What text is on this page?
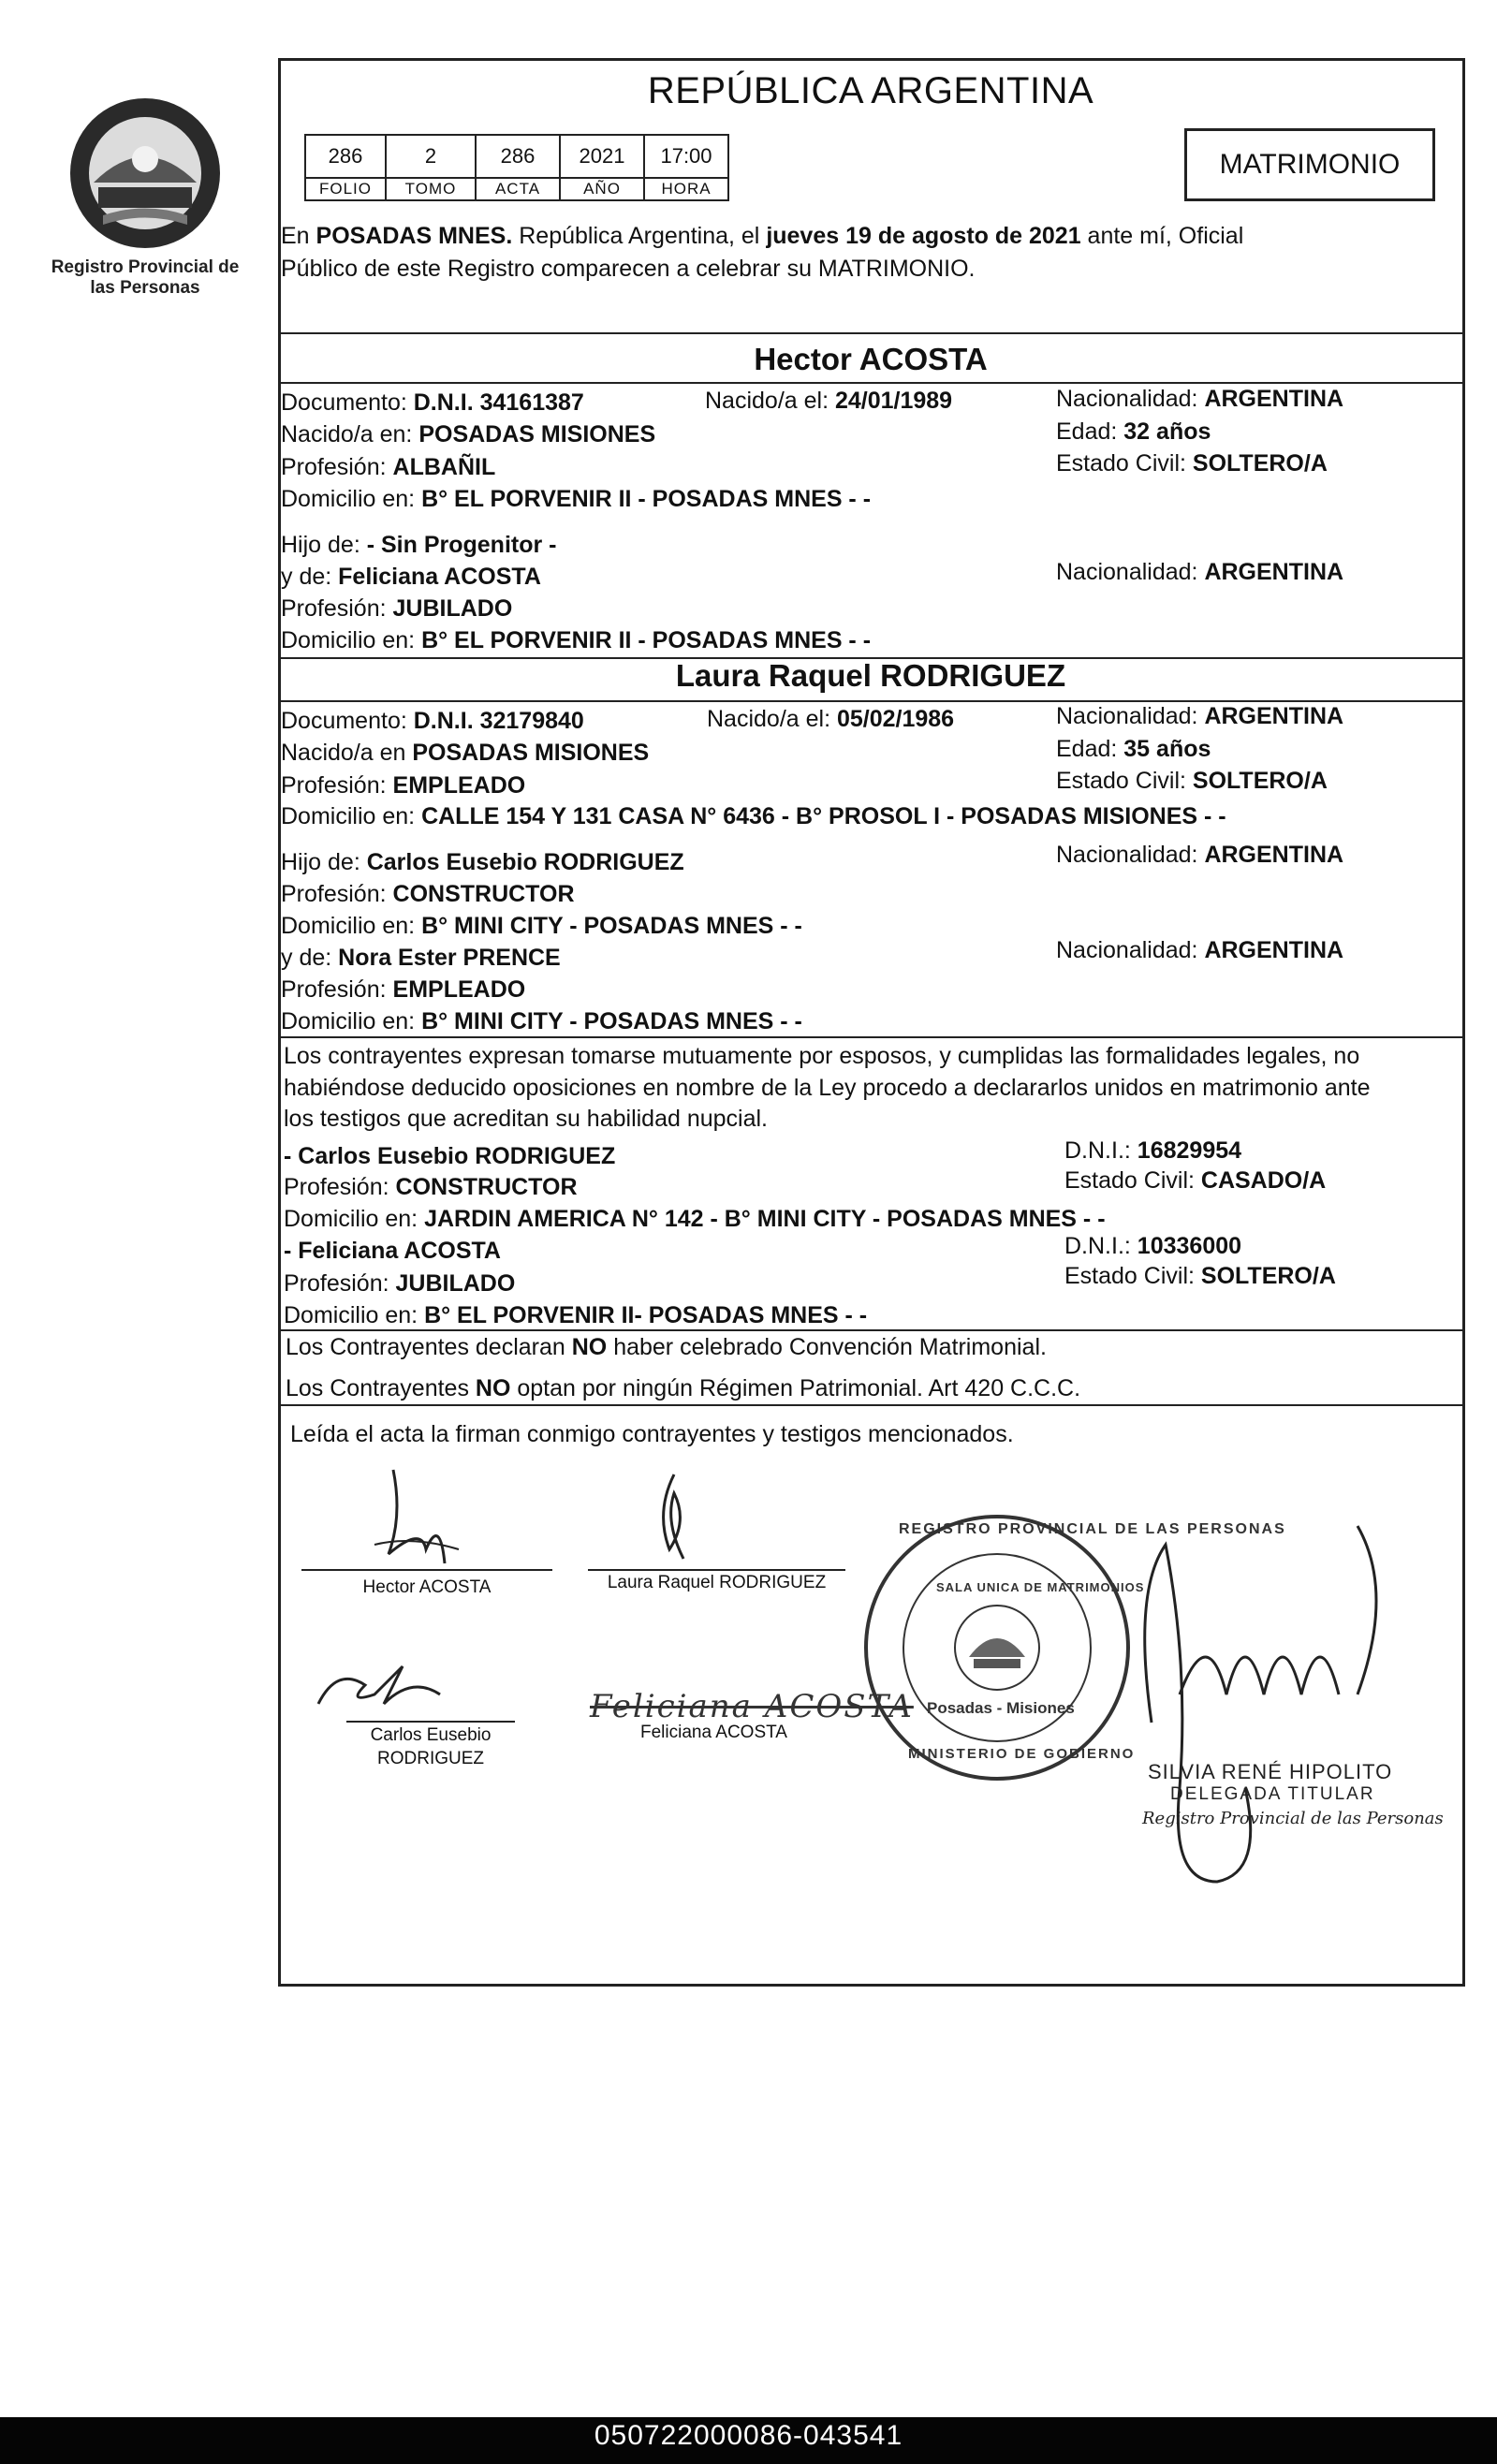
Registro Provincial de las Personas
REPÚBLICA ARGENTINA
286	2	286	2021	17:00
FOLIO	TOMO	ACTA	AÑO	HORA
MATRIMONIO
En POSADAS MNES. República Argentina, el jueves 19 de agosto de 2021 ante mí, Oficial
Público de este Registro comparecen a celebrar su MATRIMONIO.
Hector ACOSTA
Documento: D.N.I. 34161387	Nacido/a el: 24/01/1989	Nacionalidad: ARGENTINA
Nacido/a en: POSADAS MISIONES	Edad: 32 años
Profesión: ALBAÑIL	Estado Civil: SOLTERO/A
Domicilio en: B° EL PORVENIR II - POSADAS MNES - -
Hijo de: - Sin Progenitor -
y de: Feliciana ACOSTA	Nacionalidad: ARGENTINA
Profesión: JUBILADO
Domicilio en: B° EL PORVENIR II - POSADAS MNES - -
Laura Raquel RODRIGUEZ
Documento: D.N.I. 32179840	Nacido/a el: 05/02/1986	Nacionalidad: ARGENTINA
Nacido/a en POSADAS MISIONES	Edad: 35 años
Profesión: EMPLEADO	Estado Civil: SOLTERO/A
Domicilio en: CALLE 154 Y 131 CASA N° 6436 - B° PROSOL I - POSADAS MISIONES - -
Hijo de: Carlos Eusebio RODRIGUEZ	Nacionalidad: ARGENTINA
Profesión: CONSTRUCTOR
Domicilio en: B° MINI CITY - POSADAS MNES - -
y de: Nora Ester PRENCE	Nacionalidad: ARGENTINA
Profesión: EMPLEADO
Domicilio en: B° MINI CITY - POSADAS MNES - -
Los contrayentes expresan tomarse mutuamente por esposos, y cumplidas las formalidades legales, no
habiéndose deducido oposiciones en nombre de la Ley procedo a declararlos unidos en matrimonio ante
los testigos que acreditan su habilidad nupcial.
- Carlos Eusebio RODRIGUEZ	D.N.I.: 16829954
Profesión: CONSTRUCTOR	Estado Civil: CASADO/A
Domicilio en: JARDIN AMERICA N° 142 - B° MINI CITY - POSADAS MNES - -
- Feliciana ACOSTA	D.N.I.: 10336000
Profesión: JUBILADO	Estado Civil: SOLTERO/A
Domicilio en: B° EL PORVENIR II- POSADAS MNES - -
Los Contrayentes declaran NO haber celebrado Convención Matrimonial.
Los Contrayentes NO optan por ningún Régimen Patrimonial. Art 420 C.C.C.
Leída el acta la firman conmigo contrayentes y testigos mencionados.
Feliciana ACOSTA
Hector ACOSTA	Laura Raquel RODRIGUEZ
Carlos Eusebio
RODRIGUEZ
Feliciana ACOSTA
SALA UNICA DE MATRIMONIOS
REGISTRO PROVINCIAL DE LAS PERSONAS
MINISTERIO DE GOBIERNO
Posadas - Misiones
SILVIA RENÉ HIPOLITO
DELEGADA TITULAR
Registro Provincial de las Personas
050722000086-043541
